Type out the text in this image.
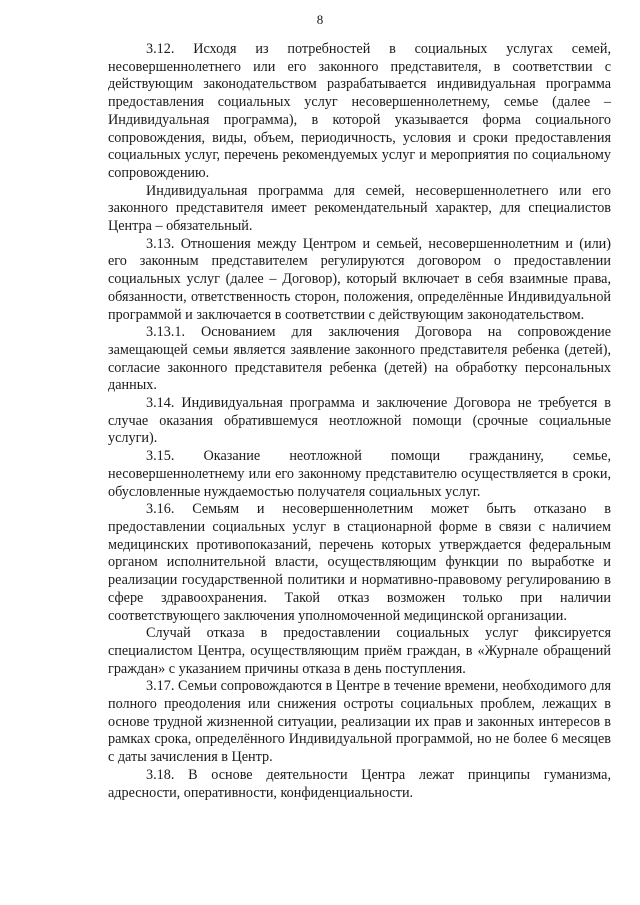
8

3.12. Исходя из потребностей в социальных услугах семей, несовершеннолетнего или его законного представителя, в соответствии с действующим законодательством разрабатывается индивидуальная программа предоставления социальных услуг несовершеннолетнему, семье (далее – Индивидуальная программа), в которой указывается форма социального сопровождения, виды, объем, периодичность, условия и сроки предоставления социальных услуг, перечень рекомендуемых услуг и мероприятия по социальному сопровождению.

Индивидуальная программа для семей, несовершеннолетнего или его законного представителя имеет рекомендательный характер, для специалистов Центра – обязательный.

3.13. Отношения между Центром и семьей, несовершеннолетним и (или) его законным представителем регулируются договором о предоставлении социальных услуг (далее – Договор), который включает в себя взаимные права, обязанности, ответственность сторон, положения, определённые Индивидуальной программой и заключается в соответствии с действующим законодательством.

3.13.1. Основанием для заключения Договора на сопровождение замещающей семьи является заявление законного представителя ребенка (детей), согласие законного представителя ребенка (детей) на обработку персональных данных.

3.14. Индивидуальная программа и заключение Договора не требуется в случае оказания обратившемуся неотложной помощи (срочные социальные услуги).

3.15. Оказание неотложной помощи гражданину, семье, несовершеннолетнему или его законному представителю осуществляется в сроки, обусловленные нуждаемостью получателя социальных услуг.

3.16. Семьям и несовершеннолетним может быть отказано в предоставлении социальных услуг в стационарной форме в связи с наличием медицинских противопоказаний, перечень которых утверждается федеральным органом исполнительной власти, осуществляющим функции по выработке и реализации государственной политики и нормативно-правовому регулированию в сфере здравоохранения. Такой отказ возможен только при наличии соответствующего заключения уполномоченной медицинской организации.

Случай отказа в предоставлении социальных услуг фиксируется специалистом Центра, осуществляющим приём граждан, в «Журнале обращений граждан» с указанием причины отказа в день поступления.

3.17. Семьи сопровождаются в Центре в течение времени, необходимого для полного преодоления или снижения остроты социальных проблем, лежащих в основе трудной жизненной ситуации, реализации их прав и законных интересов в рамках срока, определённого Индивидуальной программой, но не более 6 месяцев с даты зачисления в Центр.

3.18. В основе деятельности Центра лежат принципы гуманизма, адресности, оперативности, конфиденциальности.
